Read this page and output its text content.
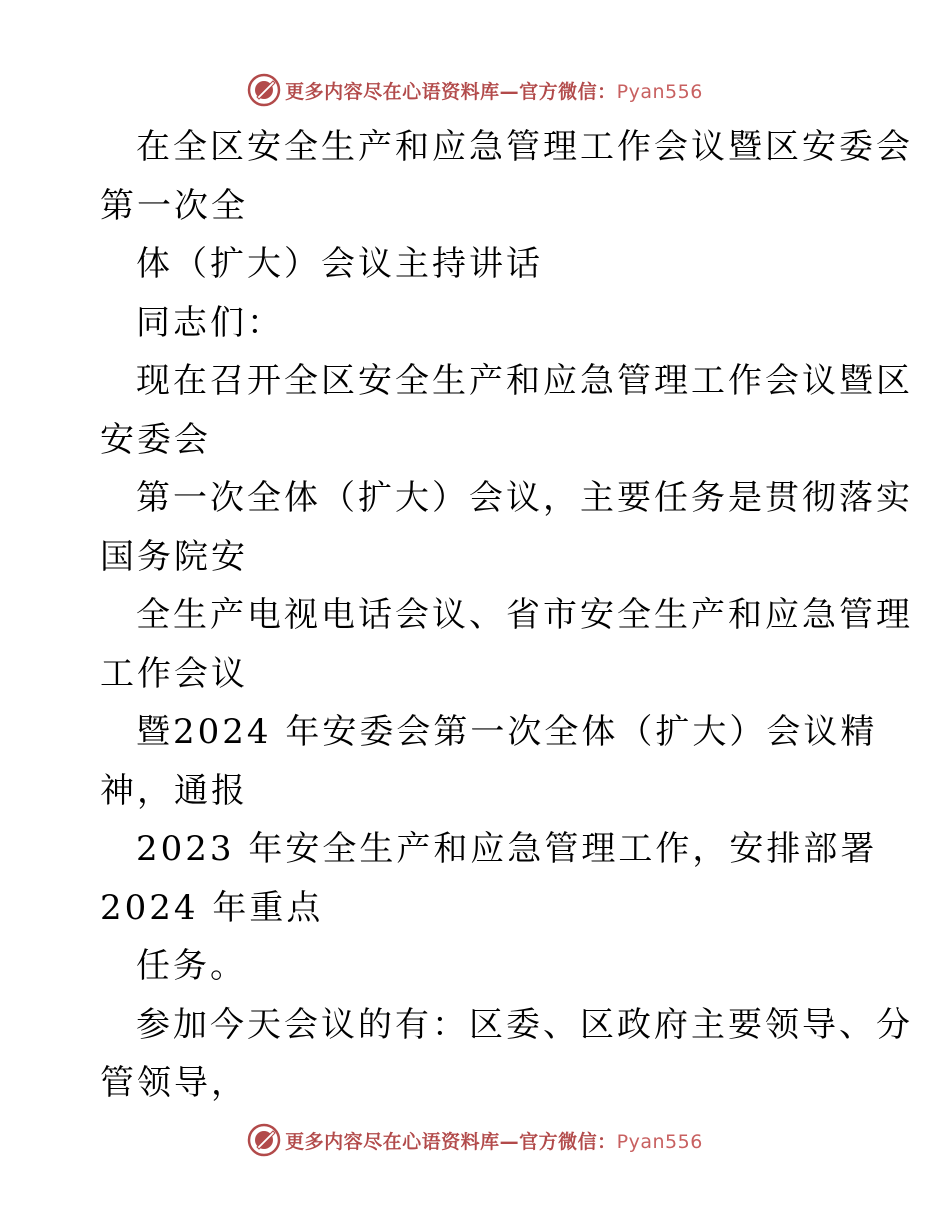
更多内容尽在心语资料库—官方微信：Pyan556
在全区安全生产和应急管理工作会议暨区安委会
第一次全
体（扩大）会议主持讲话
同志们：
现在召开全区安全生产和应急管理工作会议暨区
安委会
第一次全体（扩大）会议，主要任务是贯彻落实
国务院安
全生产电视电话会议、省市安全生产和应急管理
工作会议
暨2024 年安委会第一次全体（扩大）会议精
神，通报
2023 年安全生产和应急管理工作，安排部署
2024 年重点
任务。
参加今天会议的有：区委、区政府主要领导、分
管领导，
更多内容尽在心语资料库—官方微信：Pyan556
